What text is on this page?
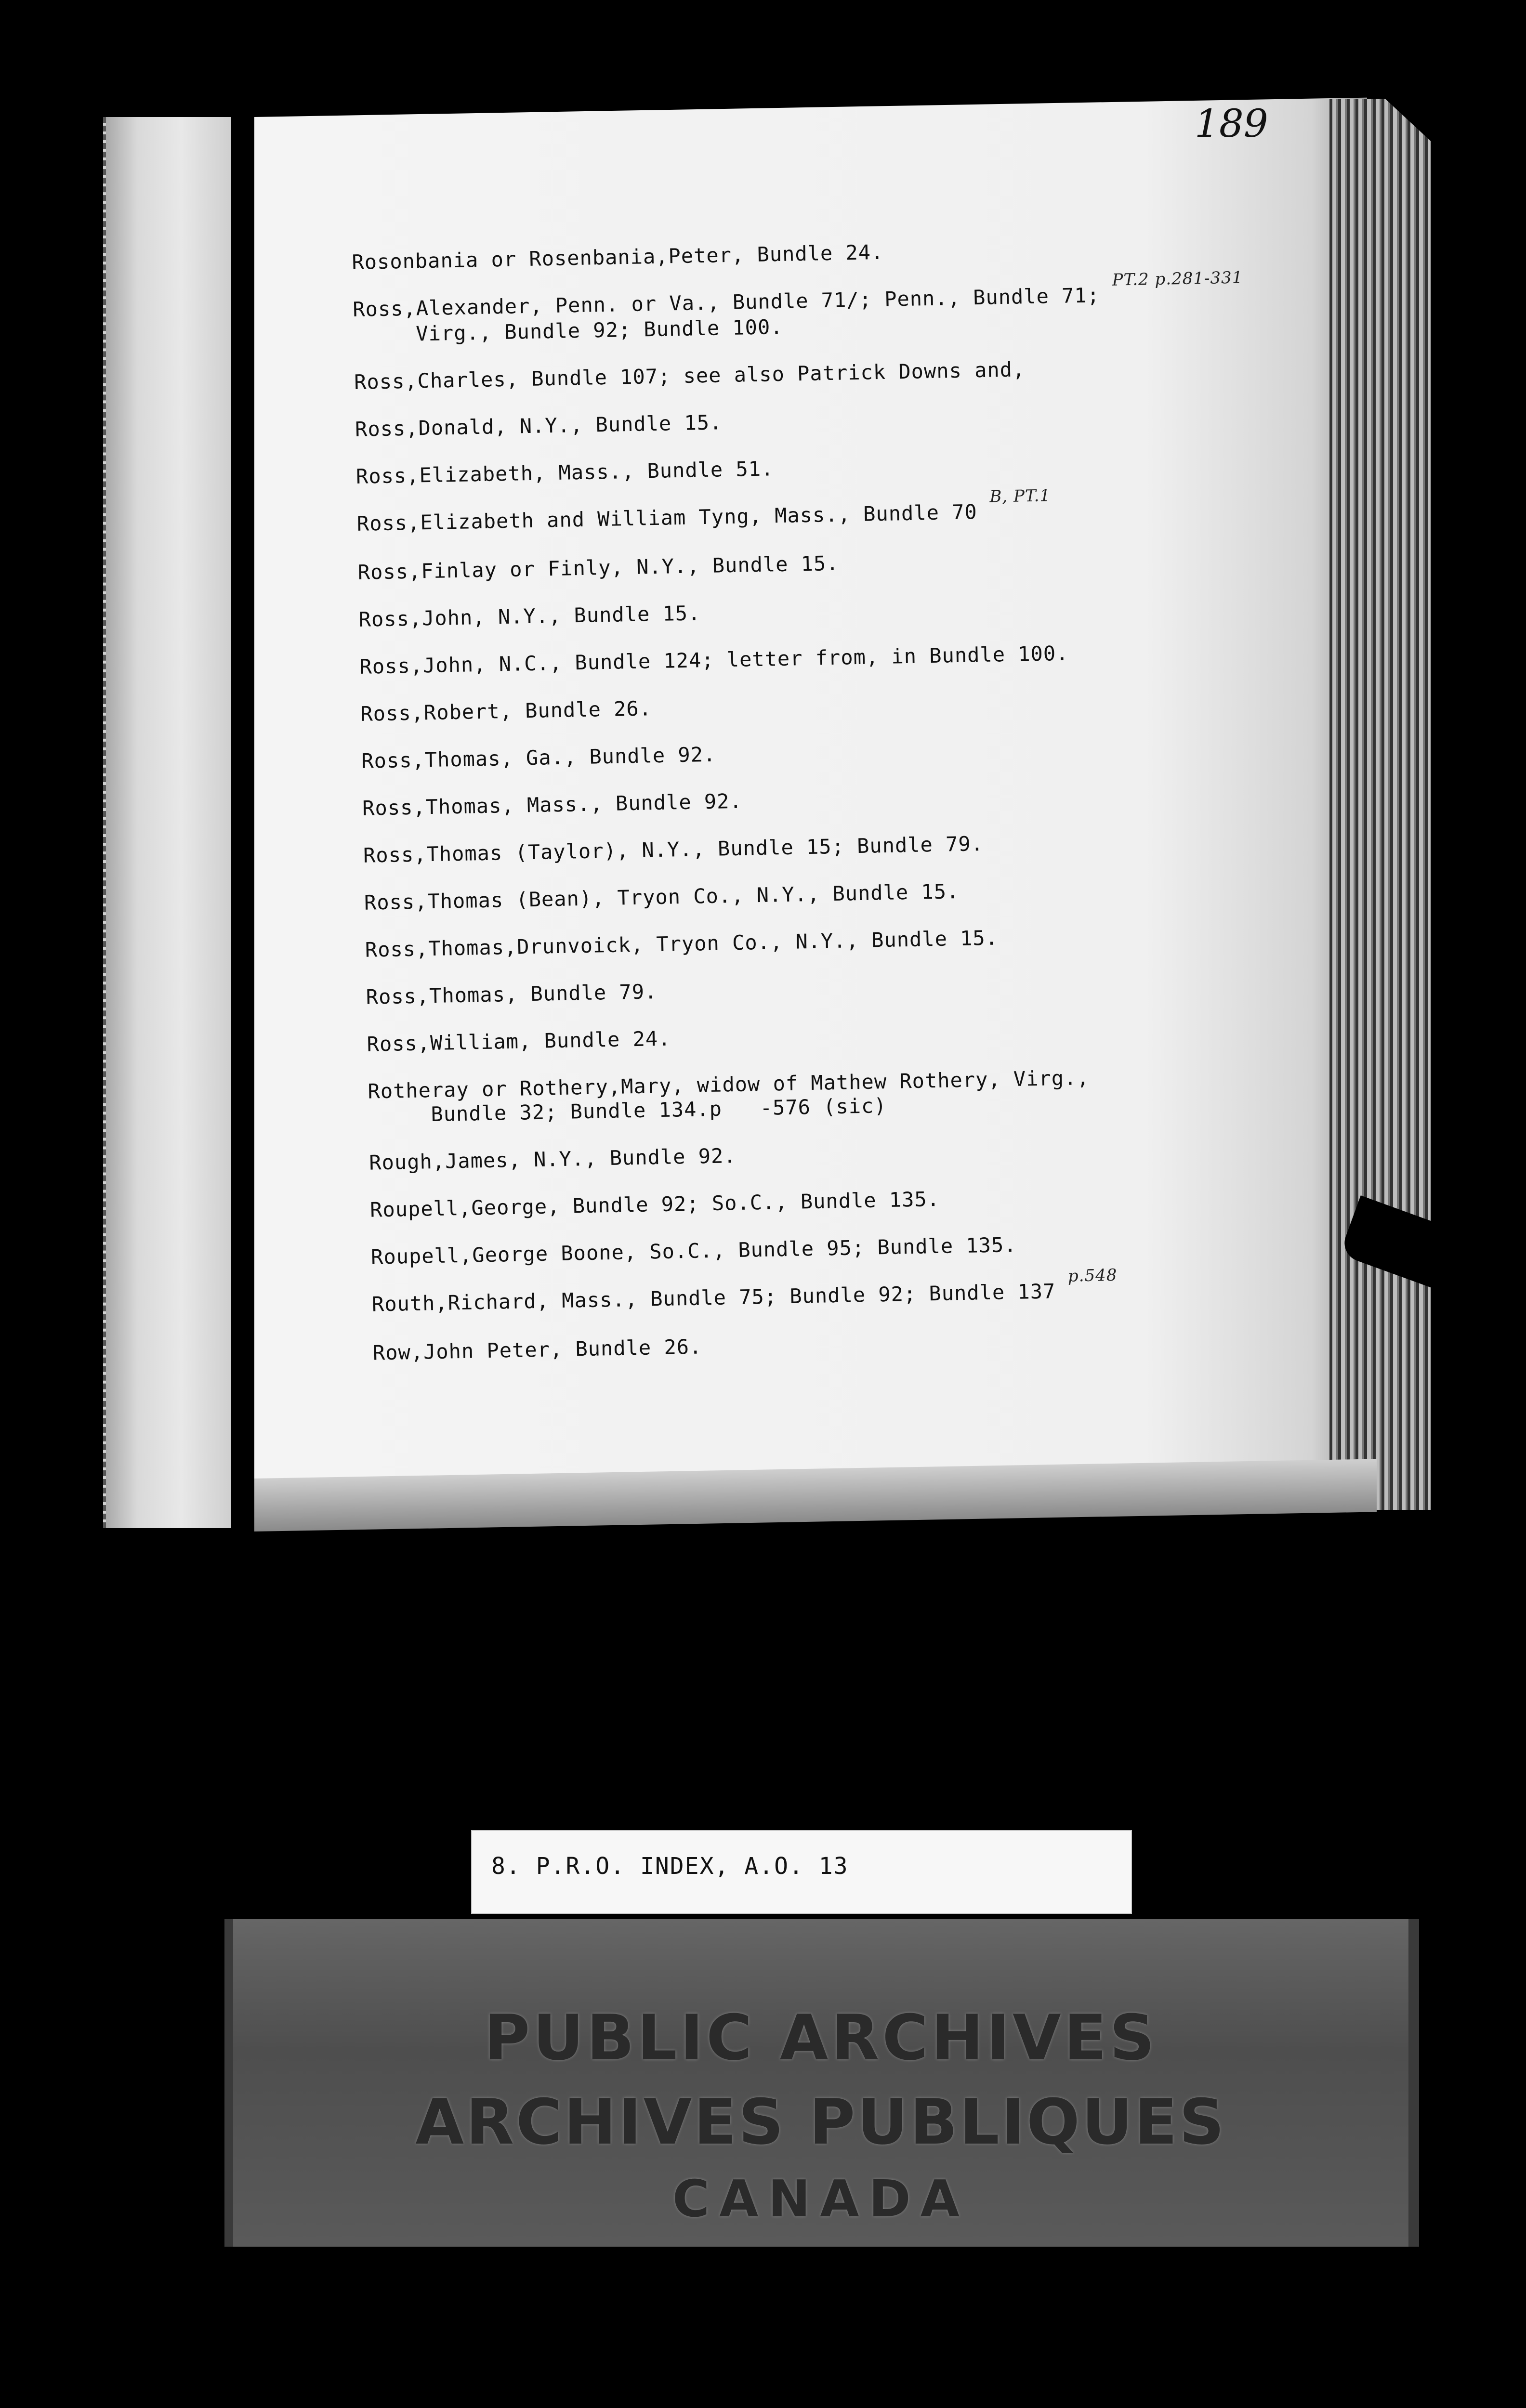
189
Rosonbania or Rosenbania,Peter, Bundle 24.
Ross,Alexander, Penn. or Va., Bundle 71/; Penn., Bundle 71; $^{PT.2 p.281-331}$
Virg., Bundle 92; Bundle 100.
Ross,Charles, Bundle 107; see also Patrick Downs and,
Ross,Donald, N.Y., Bundle 15.
Ross,Elizabeth, Mass., Bundle 51.
Ross,Elizabeth and William Tyng, Mass., Bundle 70 $^{B, PT.1}$
Ross,Finlay or Finly, N.Y., Bundle 15.
Ross,John, N.Y., Bundle 15.
Ross,John, N.C., Bundle 124; letter from, in Bundle 100.
Ross,Robert, Bundle 26.
Ross,Thomas, Ga., Bundle 92.
Ross,Thomas, Mass., Bundle 92.
Ross,Thomas (Taylor), N.Y., Bundle 15; Bundle 79.
Ross,Thomas (Bean), Tryon Co., N.Y., Bundle 15.
Ross,Thomas,Drunvoick, Tryon Co., N.Y., Bundle 15.
Ross,Thomas, Bundle 79.
Ross,William, Bundle 24.
Rotheray or Rothery,Mary, widow of Mathew Rothery, Virg.,
Bundle 32; Bundle 134.p   -576 (sic)
Rough,James, N.Y., Bundle 92.
Roupell,George, Bundle 92; So.C., Bundle 135.
Roupell,George Boone, So.C., Bundle 95; Bundle 135.
Routh,Richard, Mass., Bundle 75; Bundle 92; Bundle 137 $^{p.548}$
Row,John Peter, Bundle 26.
8. P.R.O. INDEX, A.O. 13
PUBLIC ARCHIVES
ARCHIVES PUBLIQUES
CANADA
